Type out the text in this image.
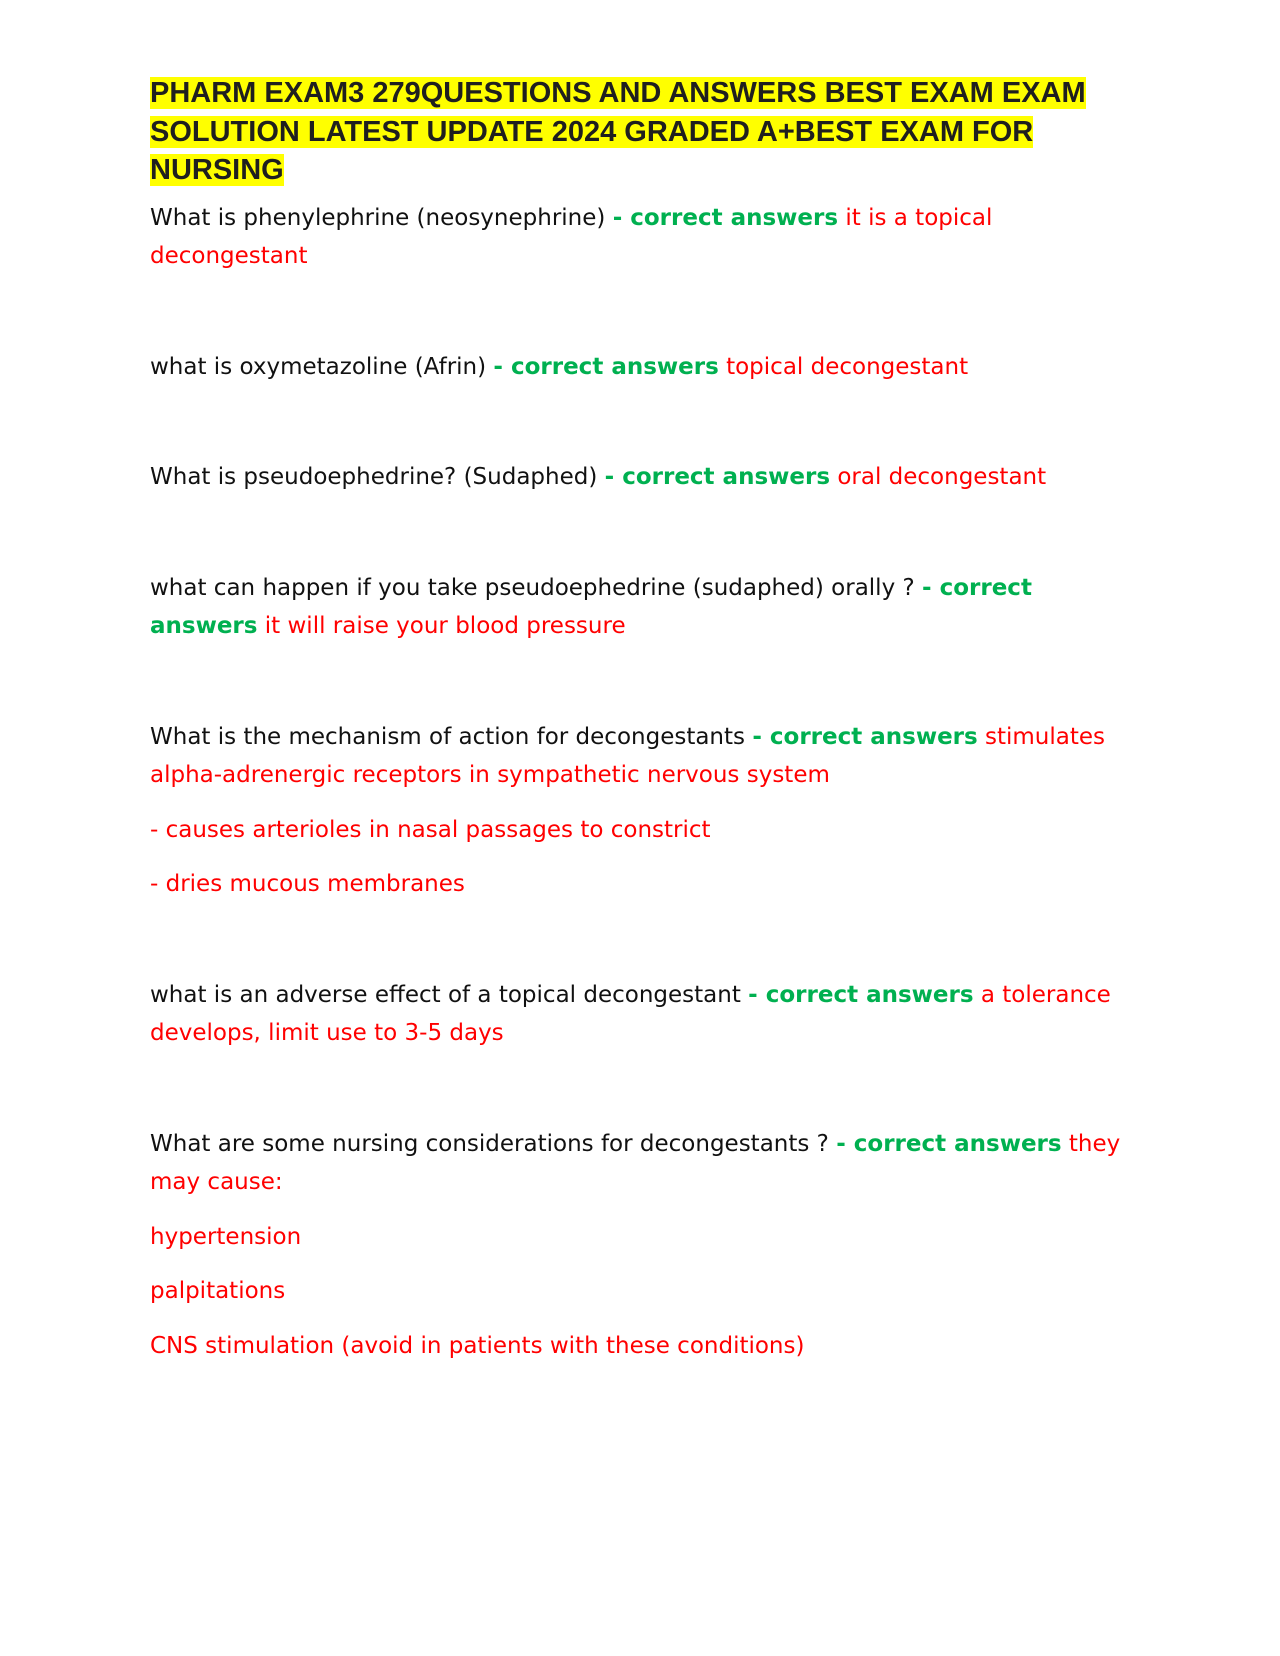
PHARM EXAM3 279QUESTIONS AND ANSWERS BEST EXAM EXAM SOLUTION LATEST UPDATE 2024 GRADED A+BEST EXAM FOR NURSING

What is phenylephrine (neosynephrine) - correct answers it is a topical decongestant

what is oxymetazoline (Afrin) - correct answers topical decongestant

What is pseudoephedrine? (Sudaphed) - correct answers oral decongestant

what can happen if you take pseudoephedrine (sudaphed) orally ? - correct answers it will raise your blood pressure

What is the mechanism of action for decongestants - correct answers stimulates alpha-adrenergic receptors in sympathetic nervous system

- causes arterioles in nasal passages to constrict

- dries mucous membranes

what is an adverse effect of a topical decongestant - correct answers a tolerance develops, limit use to 3-5 days

What are some nursing considerations for decongestants ? - correct answers they may cause:

hypertension

palpitations

CNS stimulation (avoid in patients with these conditions)
